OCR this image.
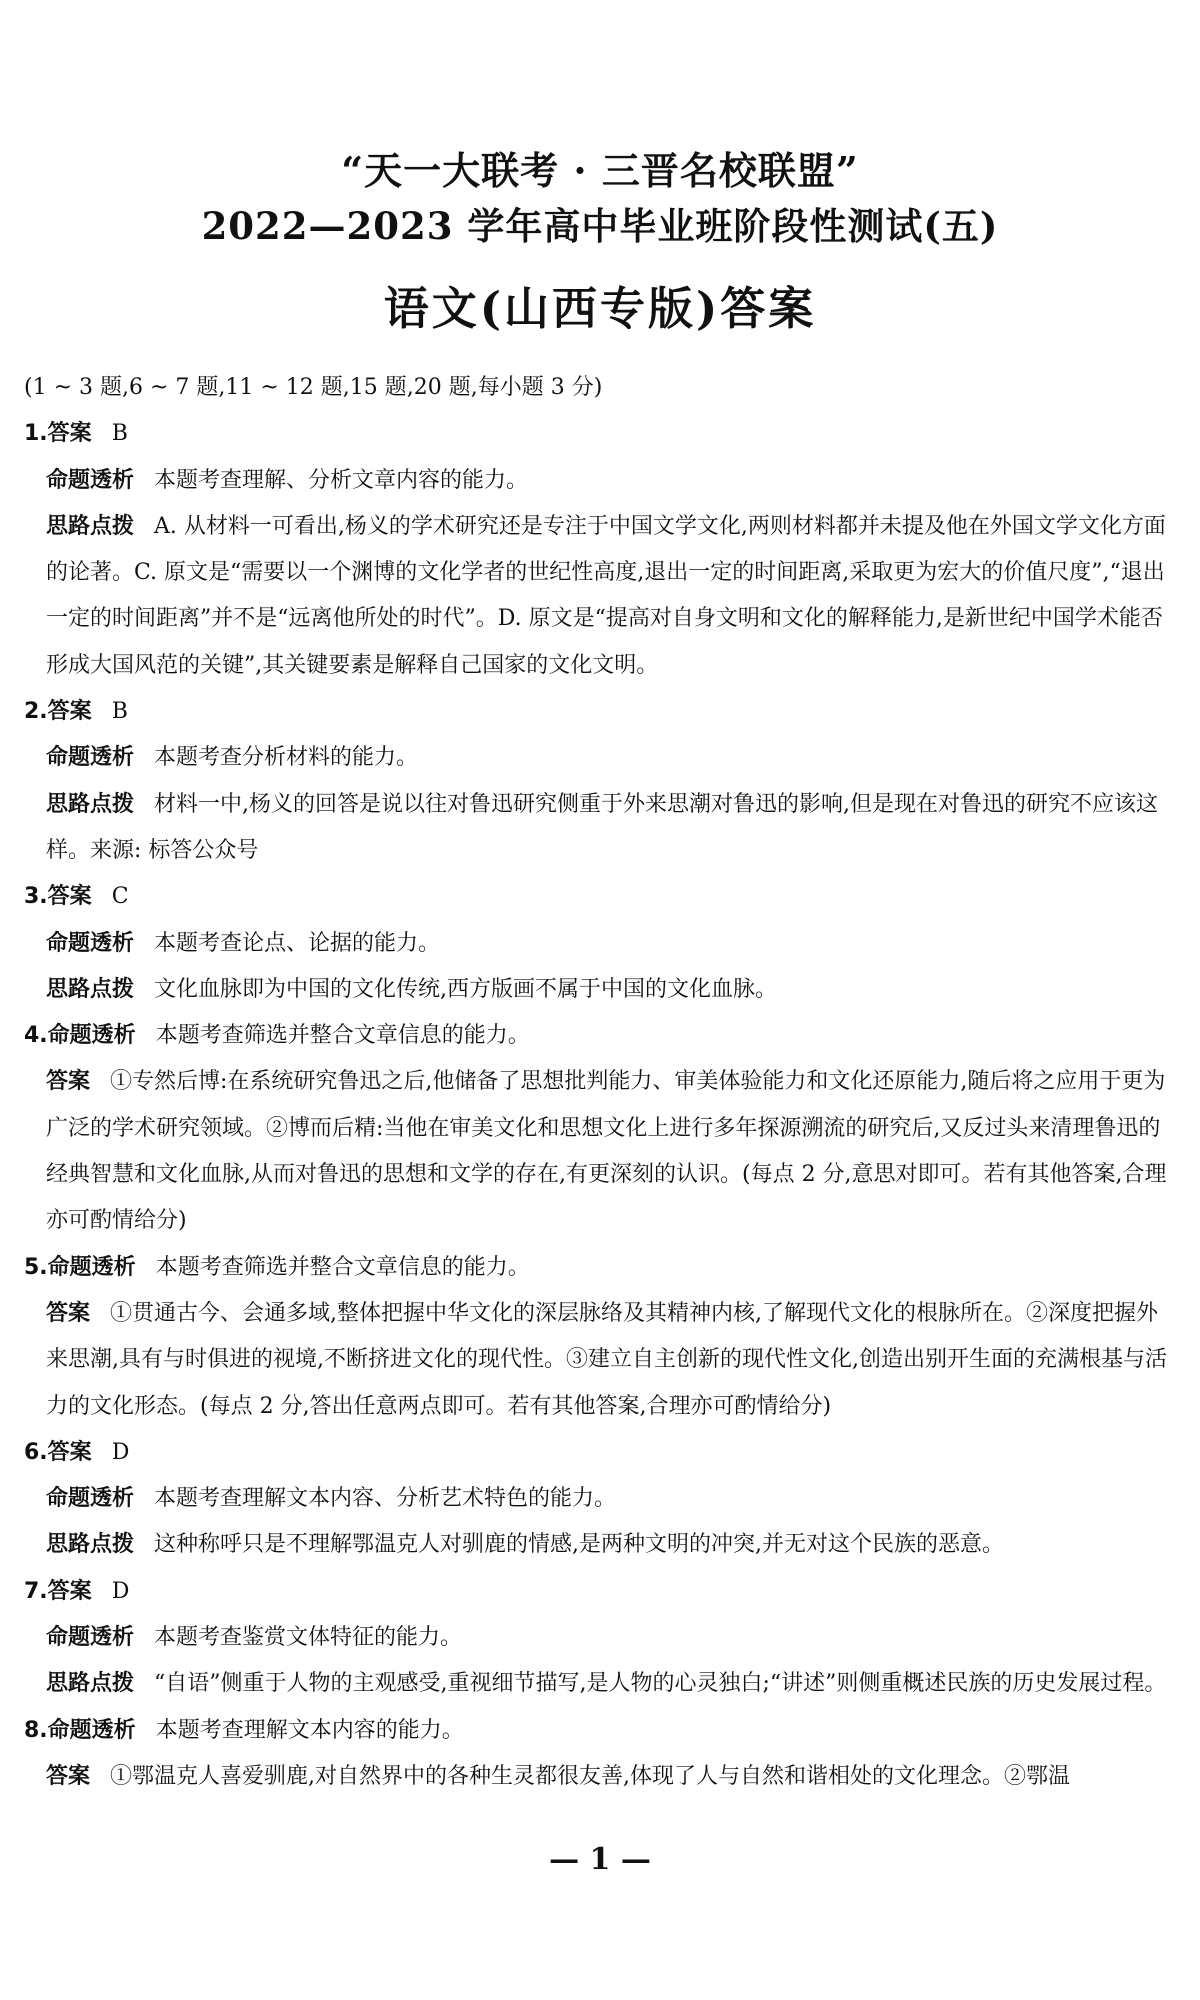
“天一大联考 · 三晋名校联盟”
2022—2023 学年高中毕业班阶段性测试(五)
语文(山西专版)答案

(1 ~ 3 题,6 ~ 7 题,11 ~ 12 题,15 题,20 题,每小题 3 分)

1.答案 B

命题透析 本题考查理解、分析文章内容的能力。

思路点拨 A. 从材料一可看出,杨义的学术研究还是专注于中国文学文化,两则材料都并未提及他在外国文学文化方面的论著。C. 原文是“需要以一个渊博的文化学者的世纪性高度,退出一定的时间距离,采取更为宏大的价值尺度”,“退出一定的时间距离”并不是“远离他所处的时代”。D. 原文是“提高对自身文明和文化的解释能力,是新世纪中国学术能否形成大国风范的关键”,其关键要素是解释自己国家的文化文明。

2.答案 B

命题透析 本题考查分析材料的能力。

思路点拨 材料一中,杨义的回答是说以往对鲁迅研究侧重于外来思潮对鲁迅的影响,但是现在对鲁迅的研究不应该这样。来源: 标答公众号

3.答案 C

命题透析 本题考查论点、论据的能力。

思路点拨 文化血脉即为中国的文化传统,西方版画不属于中国的文化血脉。

4.命题透析 本题考查筛选并整合文章信息的能力。

答案 ①专然后博:在系统研究鲁迅之后,他储备了思想批判能力、审美体验能力和文化还原能力,随后将之应用于更为广泛的学术研究领域。②博而后精:当他在审美文化和思想文化上进行多年探源溯流的研究后,又反过头来清理鲁迅的经典智慧和文化血脉,从而对鲁迅的思想和文学的存在,有更深刻的认识。(每点 2 分,意思对即可。若有其他答案,合理亦可酌情给分)

5.命题透析 本题考查筛选并整合文章信息的能力。

答案 ①贯通古今、会通多域,整体把握中华文化的深层脉络及其精神内核,了解现代文化的根脉所在。②深度把握外来思潮,具有与时俱进的视境,不断挤进文化的现代性。③建立自主创新的现代性文化,创造出别开生面的充满根基与活力的文化形态。(每点 2 分,答出任意两点即可。若有其他答案,合理亦可酌情给分)

6.答案 D

命题透析 本题考查理解文本内容、分析艺术特色的能力。

思路点拨 这种称呼只是不理解鄂温克人对驯鹿的情感,是两种文明的冲突,并无对这个民族的恶意。

7.答案 D

命题透析 本题考查鉴赏文体特征的能力。

思路点拨 “自语”侧重于人物的主观感受,重视细节描写,是人物的心灵独白;“讲述”则侧重概述民族的历史发展过程。

8.命题透析 本题考查理解文本内容的能力。

答案 ①鄂温克人喜爱驯鹿,对自然界中的各种生灵都很友善,体现了人与自然和谐相处的文化理念。②鄂温

— 1 —
